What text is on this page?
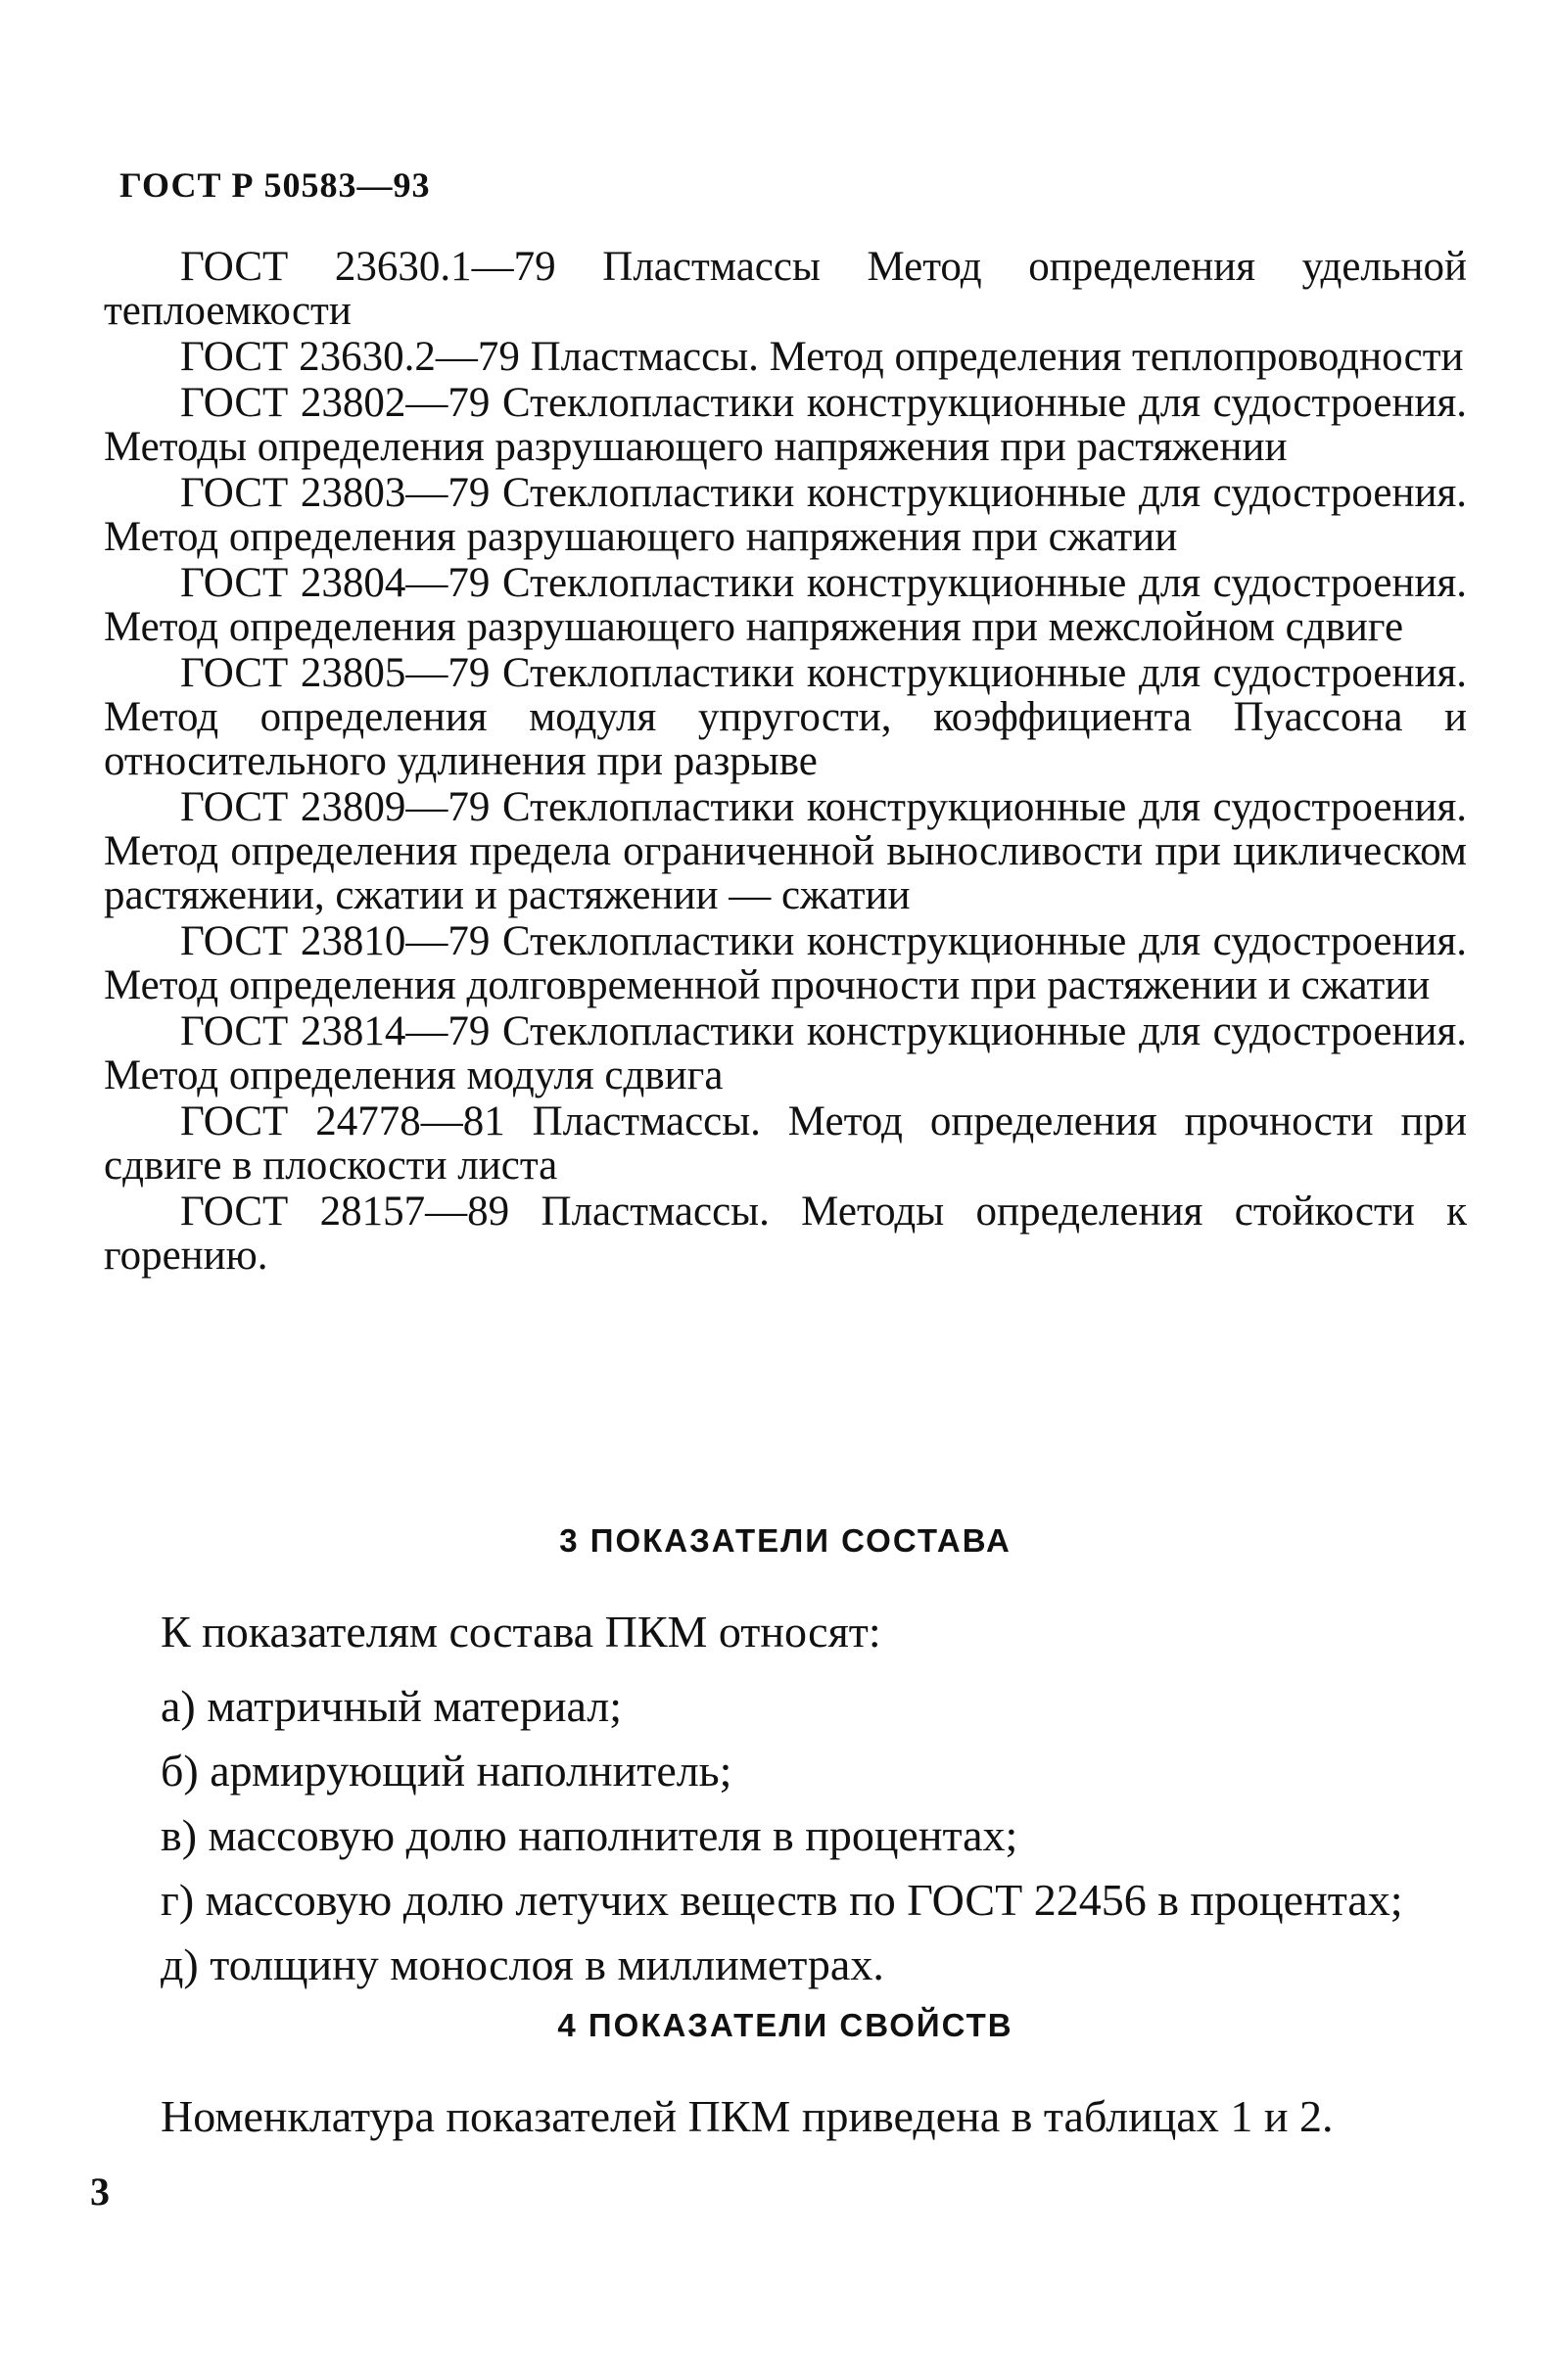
ГОСТ Р 50583—93

ГОСТ 23630.1—79 Пластмассы Метод определения удельной теплоемкости

ГОСТ 23630.2—79 Пластмассы. Метод определения теплопроводности

ГОСТ 23802—79 Стеклопластики конструкционные для судостроения. Методы определения разрушающего напряжения при растяжении

ГОСТ 23803—79 Стеклопластики конструкционные для судостроения. Метод определения разрушающего напряжения при сжатии

ГОСТ 23804—79 Стеклопластики конструкционные для судостроения. Метод определения разрушающего напряжения при межслойном сдвиге

ГОСТ 23805—79 Стеклопластики конструкционные для судостроения. Метод определения модуля упругости, коэффициента Пуассона и относительного удлинения при разрыве

ГОСТ 23809—79 Стеклопластики конструкционные для судостроения. Метод определения предела ограниченной выносливости при циклическом растяжении, сжатии и растяжении — сжатии

ГОСТ 23810—79 Стеклопластики конструкционные для судостроения. Метод определения долговременной прочности при растяжении и сжатии

ГОСТ 23814—79 Стеклопластики конструкционные для судостроения. Метод определения модуля сдвига

ГОСТ 24778—81 Пластмассы. Метод определения прочности при сдвиге в плоскости листа

ГОСТ 28157—89 Пластмассы. Методы определения стойкости к горению.

3 ПОКАЗАТЕЛИ СОСТАВА
К показателям состава ПКМ относят:
а) матричный материал;
б) армирующий наполнитель;
в) массовую долю наполнителя в процентах;
г) массовую долю летучих веществ по ГОСТ 22456 в процентах;
д) толщину монослоя в миллиметрах.
4 ПОКАЗАТЕЛИ СВОЙСТВ
Номенклатура показателей ПКМ приведена в таблицах 1 и 2.
3
